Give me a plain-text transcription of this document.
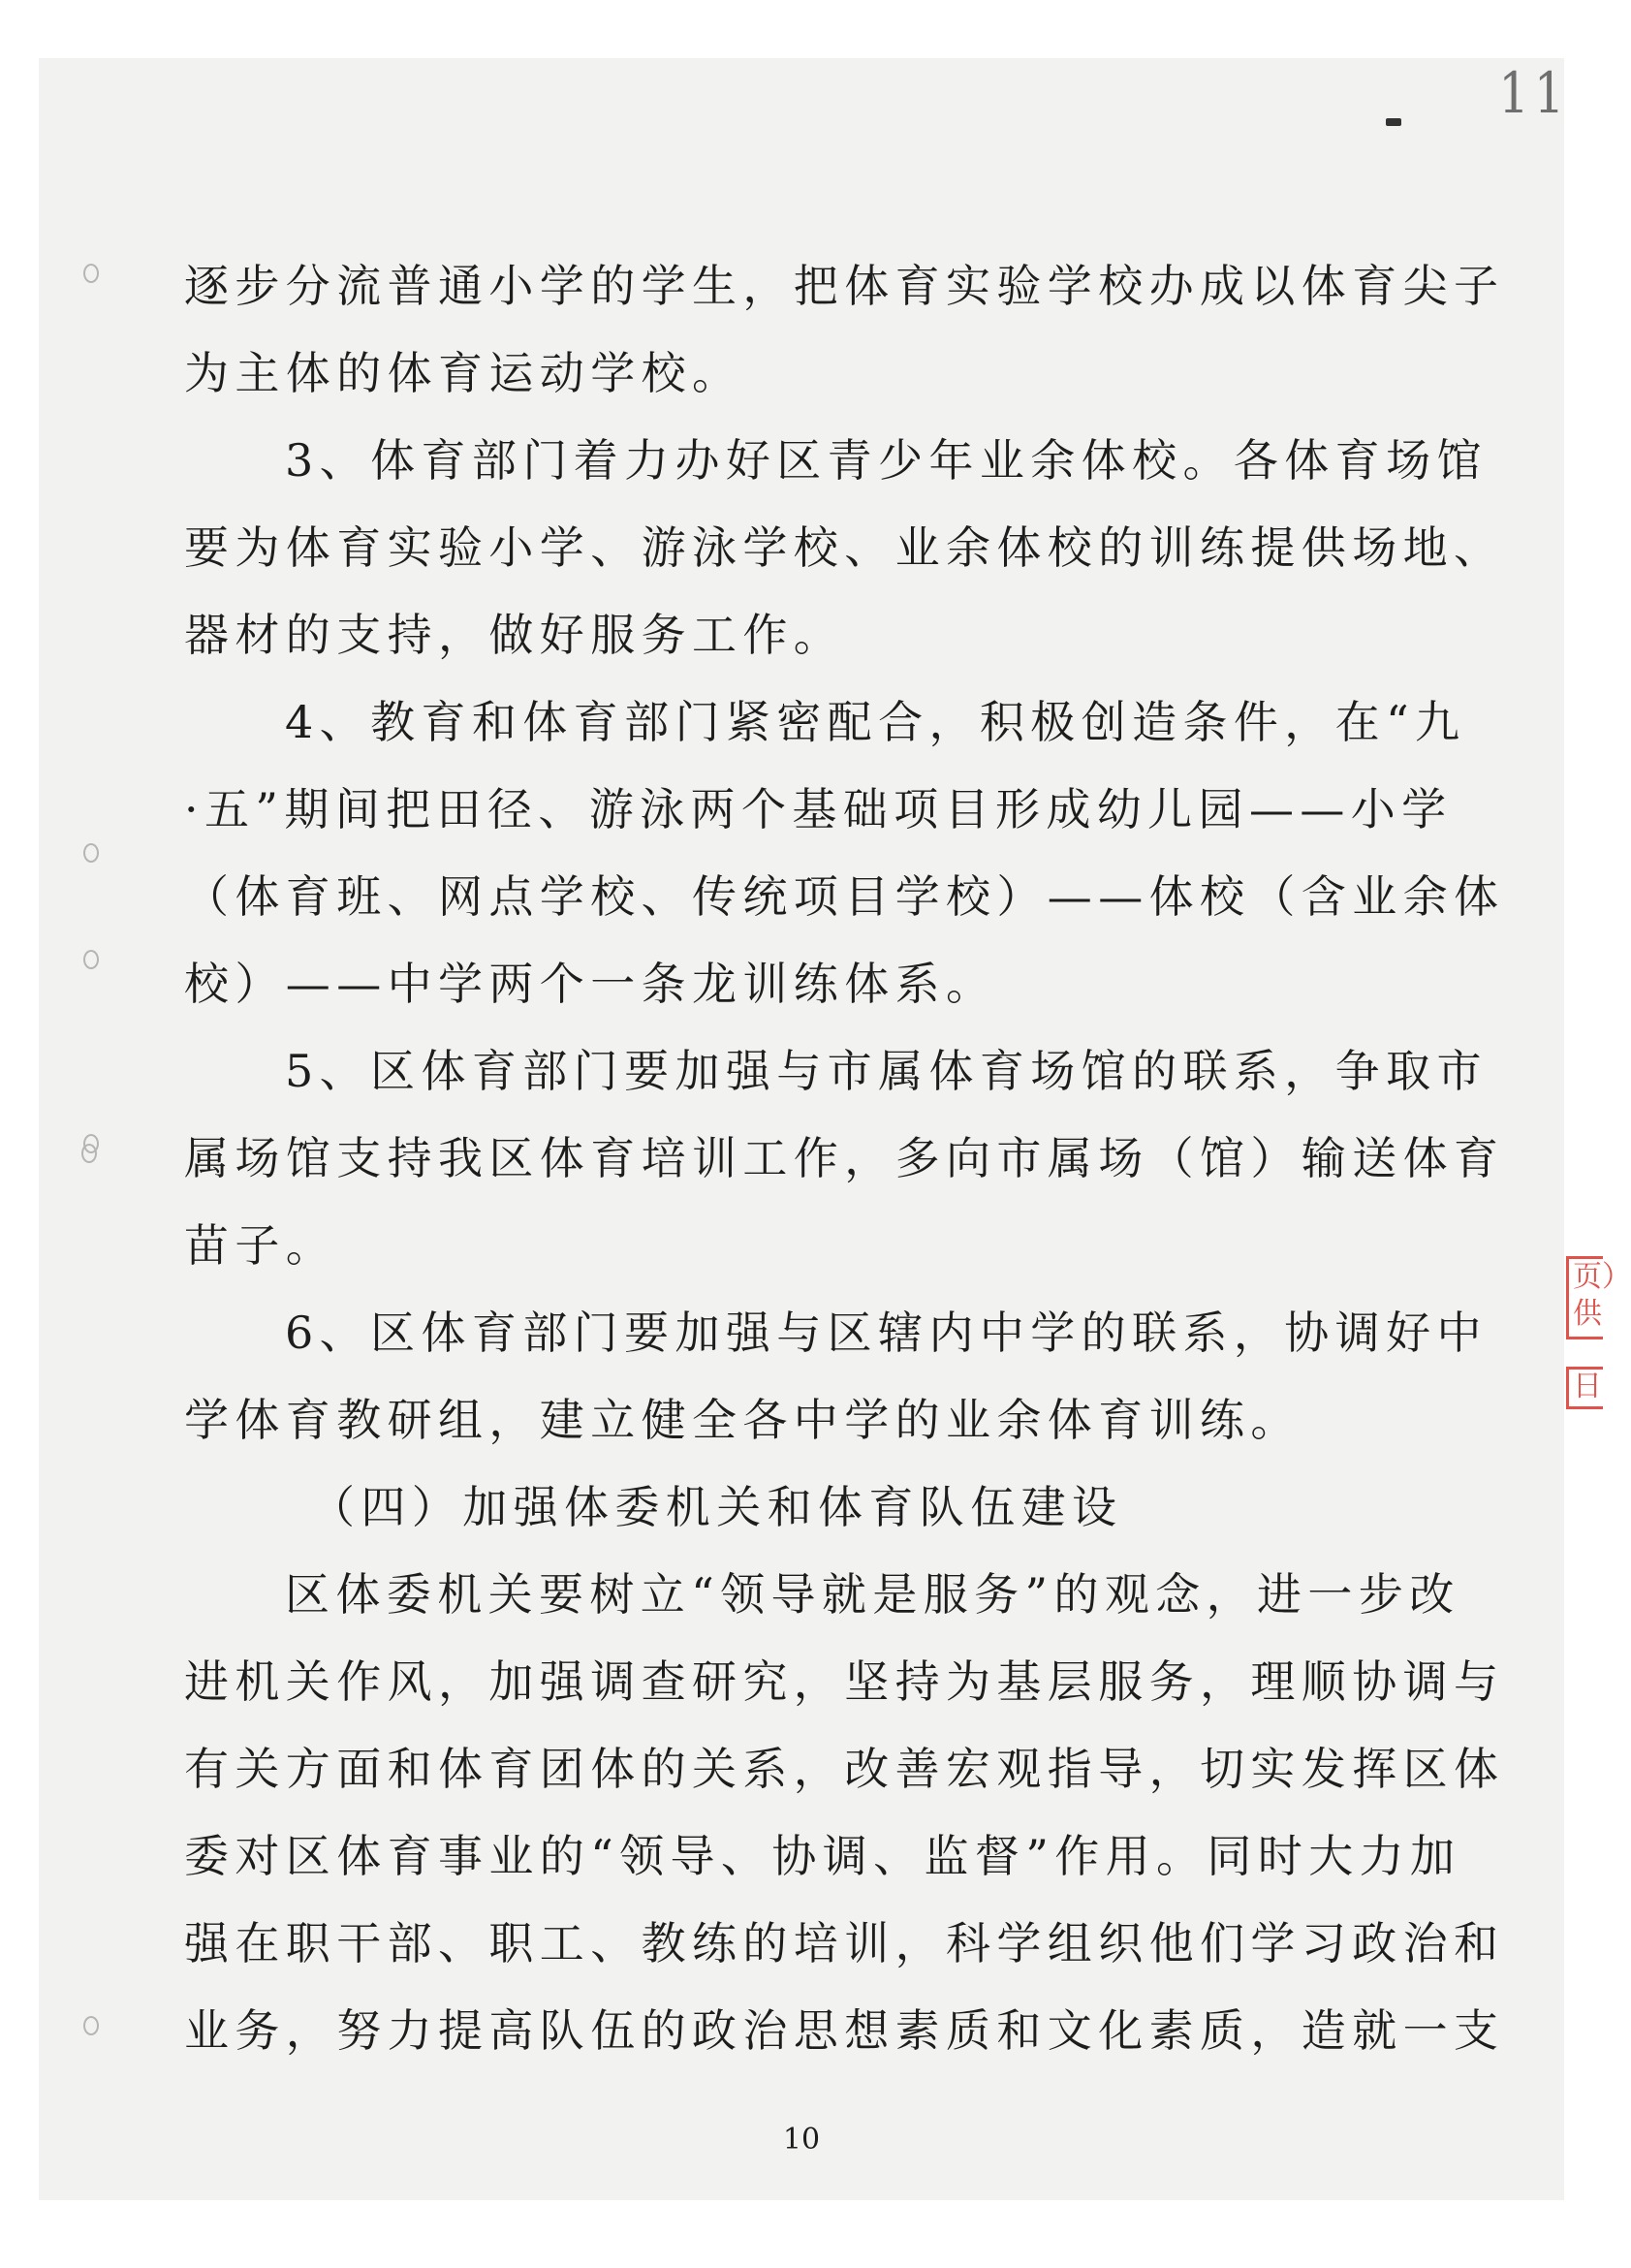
11
逐步分流普通小学的学生，把体育实验学校办成以体育尖子
为主体的体育运动学校。
3、体育部门着力办好区青少年业余体校。各体育场馆
要为体育实验小学、游泳学校、业余体校的训练提供场地、
器材的支持，做好服务工作。
4、教育和体育部门紧密配合，积极创造条件，在“九
·五”期间把田径、游泳两个基础项目形成幼儿园——小学
（体育班、网点学校、传统项目学校）——体校（含业余体
校）——中学两个一条龙训练体系。
5、区体育部门要加强与市属体育场馆的联系，争取市
属场馆支持我区体育培训工作，多向市属场（馆）输送体育
苗子。
6、区体育部门要加强与区辖内中学的联系，协调好中
学体育教研组，建立健全各中学的业余体育训练。
（四）加强体委机关和体育队伍建设
区体委机关要树立“领导就是服务”的观念，进一步改
进机关作风，加强调查研究，坚持为基层服务，理顺协调与
有关方面和体育团体的关系，改善宏观指导，切实发挥区体
委对区体育事业的“领导、协调、监督”作用。同时大力加
强在职干部、职工、教练的培训，科学组织他们学习政治和
业务，努力提高队伍的政治思想素质和文化素质，造就一支
页）
供
日
10
